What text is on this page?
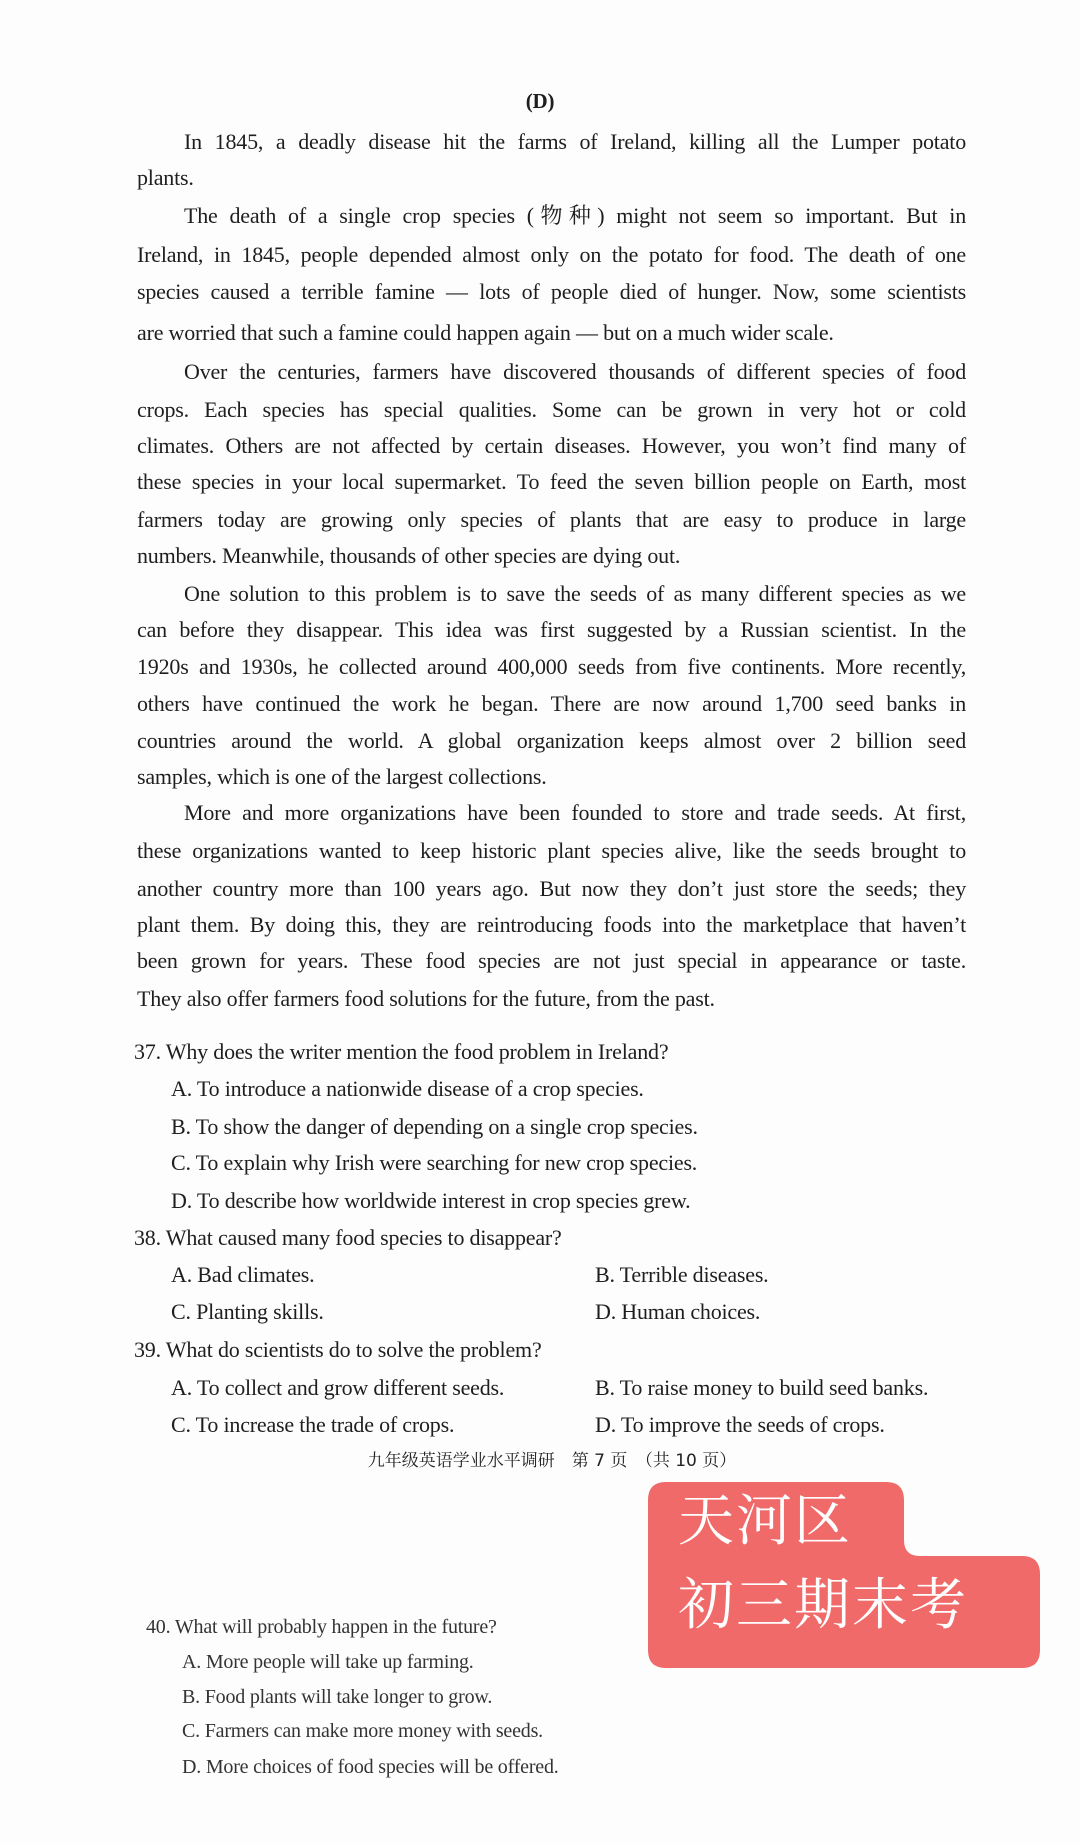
(D)
In 1845, a deadly disease hit the farms of Ireland, killing all the Lumper potato
plants.
The death of a single crop species (物种) might not seem so important. But in
Ireland, in 1845, people depended almost only on the potato for food. The death of one
species caused a terrible famine — lots of people died of hunger. Now, some scientists
are worried that such a famine could happen again — but on a much wider scale.
Over the centuries, farmers have discovered thousands of different species of food
crops. Each species has special qualities. Some can be grown in very hot or cold
climates. Others are not affected by certain diseases. However, you won’t find many of
these species in your local supermarket. To feed the seven billion people on Earth, most
farmers today are growing only species of plants that are easy to produce in large
numbers. Meanwhile, thousands of other species are dying out.
One solution to this problem is to save the seeds of as many different species as we
can before they disappear. This idea was first suggested by a Russian scientist. In the
1920s and 1930s, he collected around 400,000 seeds from five continents. More recently,
others have continued the work he began. There are now around 1,700 seed banks in
countries around the world. A global organization keeps almost over 2 billion seed
samples, which is one of the largest collections.
More and more organizations have been founded to store and trade seeds. At first,
these organizations wanted to keep historic plant species alive, like the seeds brought to
another country more than 100 years ago. But now they don’t just store the seeds; they
plant them. By doing this, they are reintroducing foods into the marketplace that haven’t
been grown for years. These food species are not just special in appearance or taste.
They also offer farmers food solutions for the future, from the past.
37. Why does the writer mention the food problem in Ireland?
A. To introduce a nationwide disease of a crop species.
B. To show the danger of depending on a single crop species.
C. To explain why Irish were searching for new crop species.
D. To describe how worldwide interest in crop species grew.
38. What caused many food species to disappear?
A. Bad climates.	B. Terrible diseases.
C. Planting skills.	D. Human choices.
39. What do scientists do to solve the problem?
A. To collect and grow different seeds.	B. To raise money to build seed banks.
C. To increase the trade of crops.	D. To improve the seeds of crops.
40. What will probably happen in the future?
A. More people will take up farming.
B. Food plants will take longer to grow.
C. Farmers can make more money with seeds.
D. More choices of food species will be offered.
九年级英语学业水平调研　第 7 页　（共 10 页）
天河区
初三期末考
